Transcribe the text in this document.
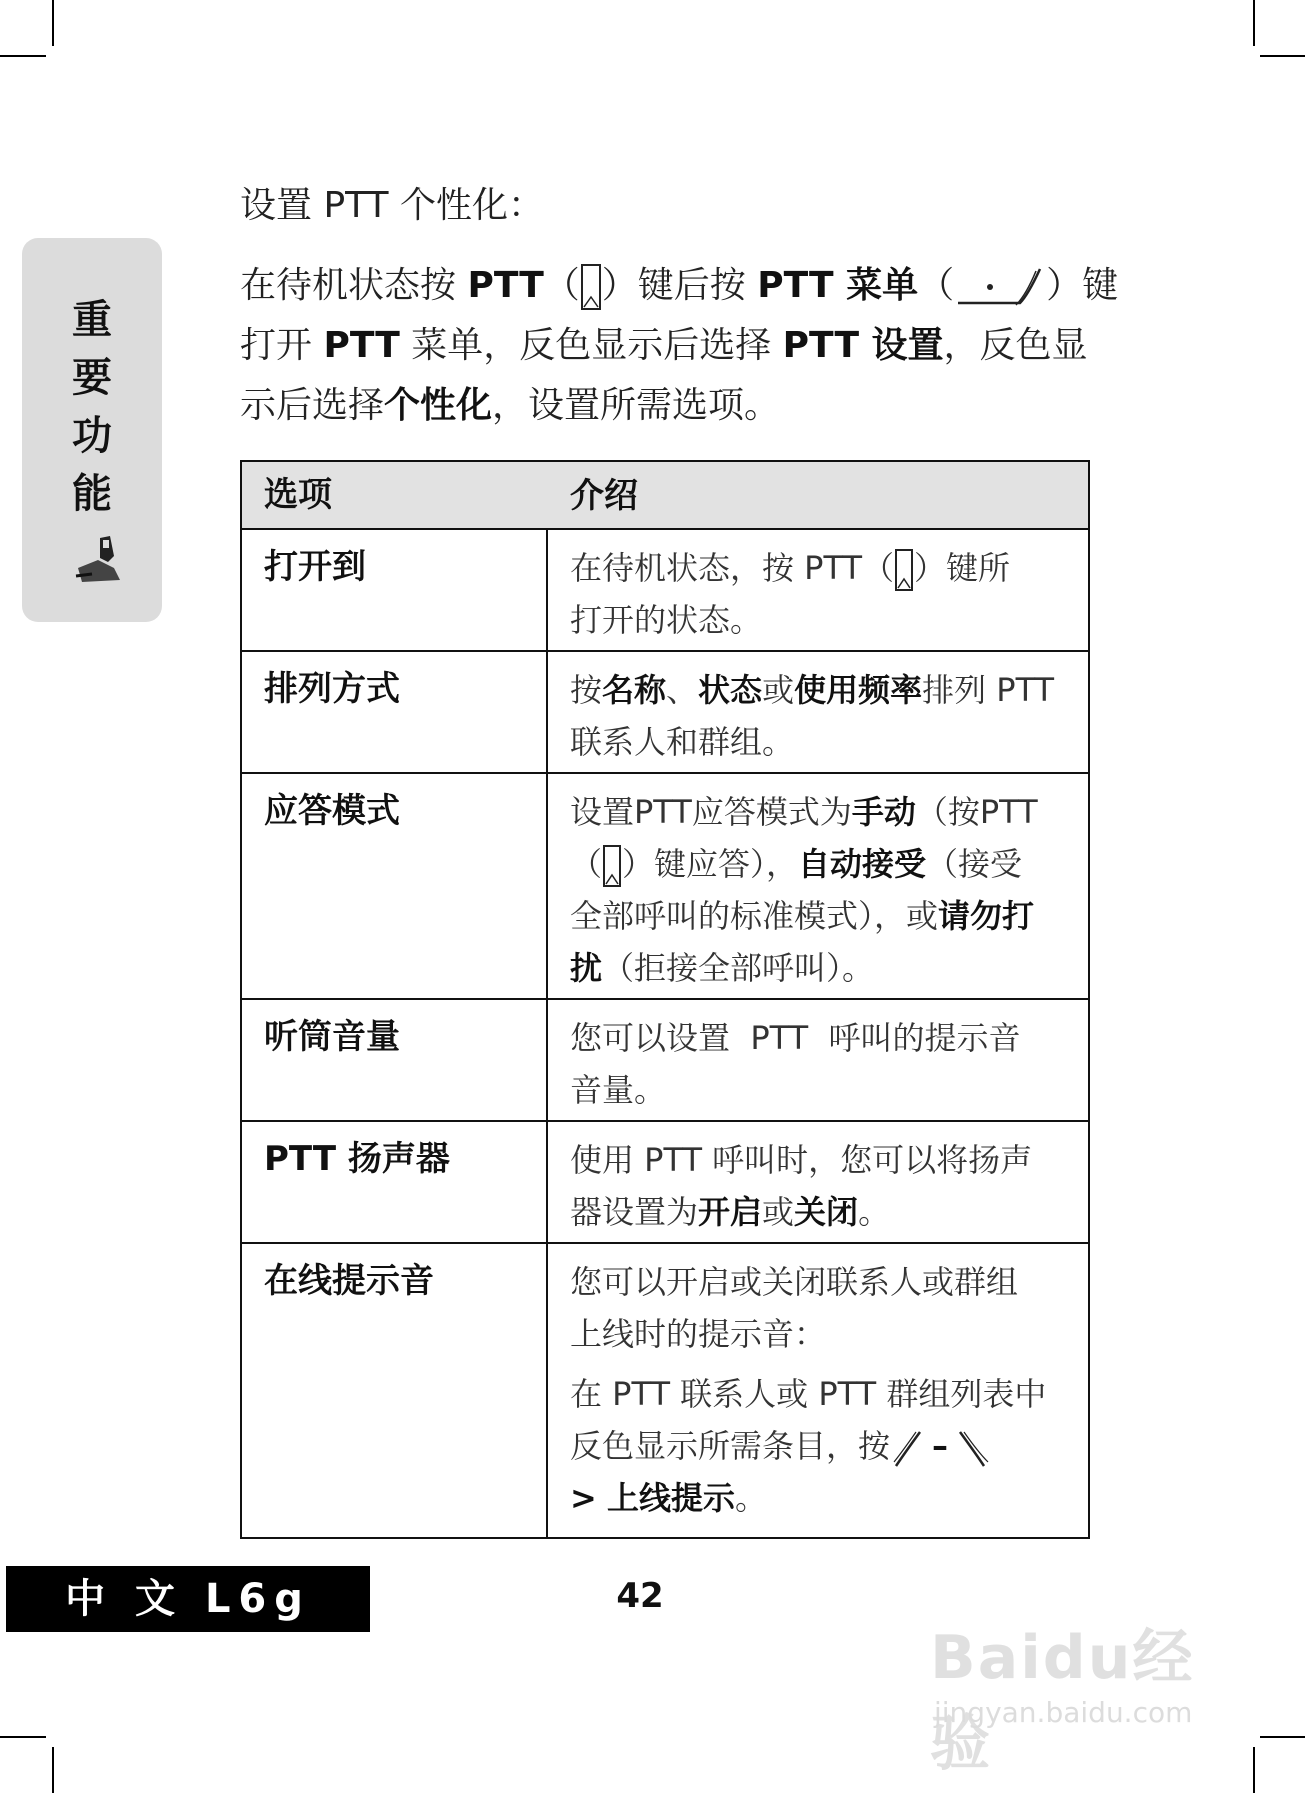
重
要
功
能
设置 PTT 个性化：
在待机状态按 PTT（ ）键后按 PTT 菜单（	）键
打开 PTT 菜单，反色显示后选择 PTT 设置，反色显
示后选择个性化，设置所需选项。
选项	介绍
打开到	在待机状态，按 PTT（ ）键所
打开的状态。
排列方式	按名称、状态或使用频率排列 PTT
联系人和群组。
应答模式	设置PTT应答模式为手动（按PTT
（ ）键应答），自动接受（接受
全部呼叫的标准模式），或请勿打
扰（拒接全部呼叫）。
听筒音量	您可以设置  PTT  呼叫的提示音
音量。
PTT 扬声器	使用 PTT 呼叫时，您可以将扬声
器设置为开启或关闭。
在线提示音	您可以开启或关闭联系人或群组
上线时的提示音：
在 PTT 联系人或 PTT 群组列表中
反色显示所需条目，按 –
> 上线提示。
中 文 L6g	42
Baidu经验
jingyan.baidu.com
